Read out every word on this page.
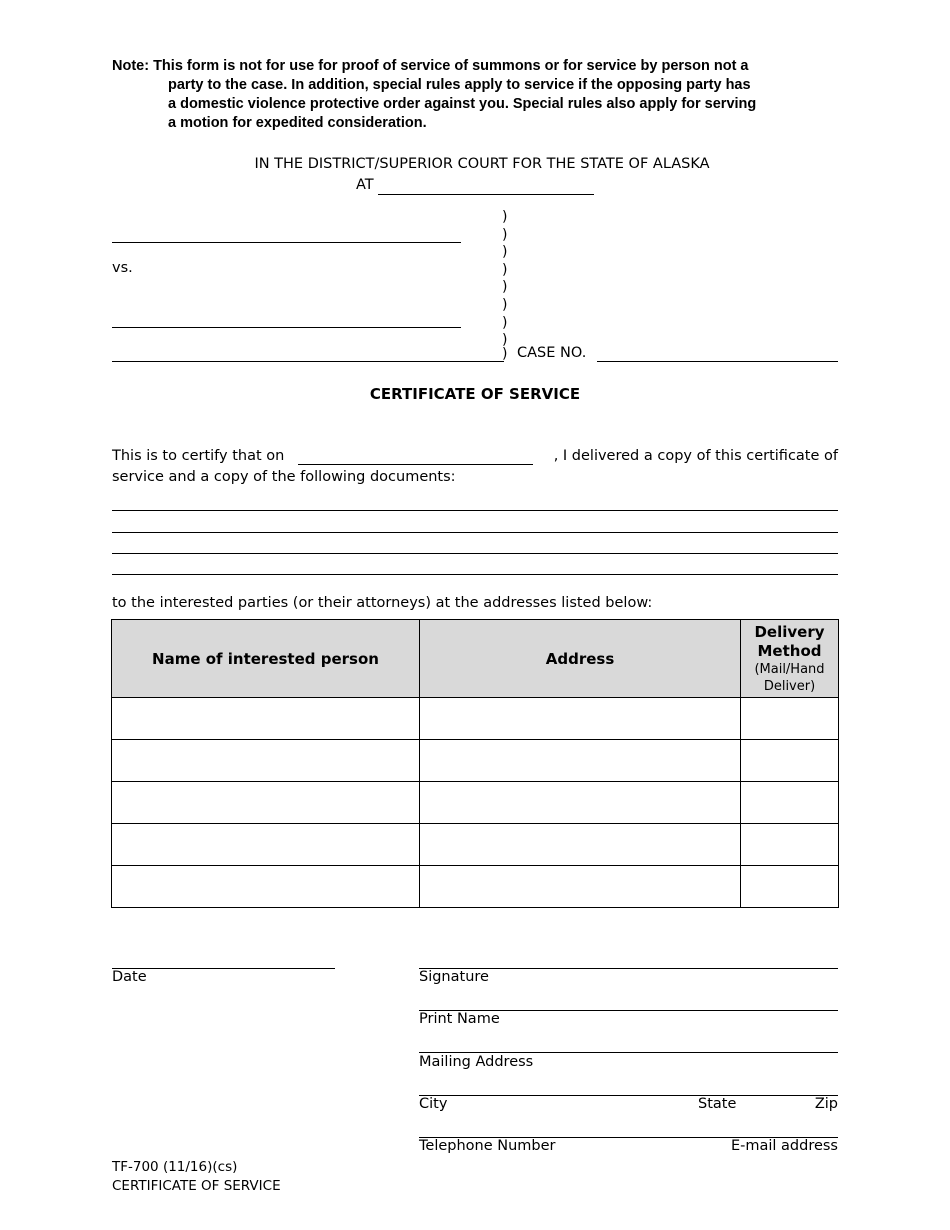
Note: This form is not for use for proof of service of summons or for service by person not a
party to the case. In addition, special rules apply to service if the opposing party has
a domestic violence protective order against you. Special rules also apply for serving
a motion for expedited consideration.
IN THE DISTRICT/SUPERIOR COURT FOR THE STATE OF ALASKA
AT
vs.
)
)
)
)
)
)
)
)
) CASE NO.
CERTIFICATE OF SERVICE
This is to certify that on	, I delivered a copy of this certificate of
service and a copy of the following documents:
to the interested parties (or their attorneys) at the addresses listed below:
Name of interested person	Address	Delivery
Method
(Mail/Hand
Deliver)

Date	Signature
Print Name
Mailing Address
City	State	Zip
Telephone Number	E-mail address
TF-700 (11/16)(cs)
CERTIFICATE OF SERVICE
